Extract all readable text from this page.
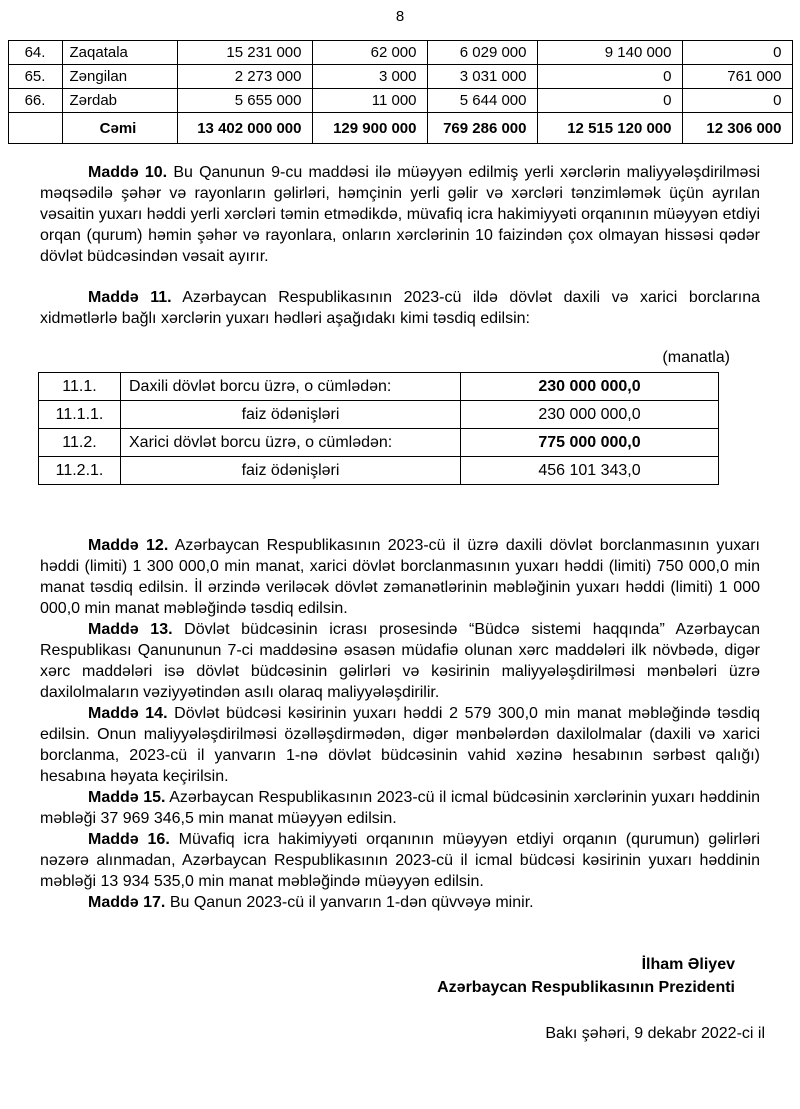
8
64.	Zaqatala	15 231 000	62 000	6 029 000	9 140 000	0
65.	Zəngilan	2 273 000	3 000	3 031 000	0	761 000
66.	Zərdab	5 655 000	11 000	5 644 000	0	0
	Cəmi	13 402 000 000	129 900 000	769 286 000	12 515 120 000	12 306 000

Maddə 10. Bu Qanunun 9-cu maddəsi ilə müəyyən edilmiş yerli xərclərin maliyyələşdirilməsi məqsədilə şəhər və rayonların gəlirləri, həmçinin yerli gəlir və xərcləri tənzimləmək üçün ayrılan vəsaitin yuxarı həddi yerli xərcləri təmin etmədikdə, müvafiq icra hakimiyyəti orqanının müəyyən etdiyi orqan (qurum) həmin şəhər və rayonlara, onların xərclərinin 10 faizindən çox olmayan hissəsi qədər dövlət büdcəsindən vəsait ayırır.

Maddə 11. Azərbaycan Respublikasının 2023-cü ildə dövlət daxili və xarici borclarına xidmətlərlə bağlı xərclərin yuxarı hədləri aşağıdakı kimi təsdiq edilsin:

(manatla)
11.1.	Daxili dövlət borcu üzrə, o cümlədən:	230 000 000,0
11.1.1.	faiz ödənişləri	230 000 000,0
11.2.	Xarici dövlət borcu üzrə, o cümlədən:	775 000 000,0
11.2.1.	faiz ödənişləri	456 101 343,0

Maddə 12. Azərbaycan Respublikasının 2023-cü il üzrə daxili dövlət borclanmasının yuxarı həddi (limiti) 1 300 000,0 min manat, xarici dövlət borclanmasının yuxarı həddi (limiti) 750 000,0 min manat təsdiq edilsin. İl ərzində veriləcək dövlət zəmanətlərinin məbləğinin yuxarı həddi (limiti) 1 000 000,0 min manat məbləğində təsdiq edilsin.

Maddə 13. Dövlət büdcəsinin icrası prosesində “Büdcə sistemi haqqında” Azərbaycan Respublikası Qanununun 7-ci maddəsinə əsasən müdafiə olunan xərc maddələri ilk növbədə, digər xərc maddələri isə dövlət büdcəsinin gəlirləri və kəsirinin maliyyələşdirilməsi mənbələri üzrə daxilolmaların vəziyyətindən asılı olaraq maliyyələşdirilir.

Maddə 14. Dövlət büdcəsi kəsirinin yuxarı həddi 2 579 300,0 min manat məbləğində təsdiq edilsin. Onun maliyyələşdirilməsi özəlləşdirmədən, digər mənbələrdən daxilolmalar (daxili və xarici borclanma, 2023-cü il yanvarın 1-nə dövlət büdcəsinin vahid xəzinə hesabının sərbəst qalığı) hesabına həyata keçirilsin.

Maddə 15. Azərbaycan Respublikasının 2023-cü il icmal büdcəsinin xərclərinin yuxarı həddinin məbləği 37 969 346,5 min manat müəyyən edilsin.

Maddə 16. Müvafiq icra hakimiyyəti orqanının müəyyən etdiyi orqanın (qurumun) gəlirləri nəzərə alınmadan, Azərbaycan Respublikasının 2023-cü il icmal büdcəsi kəsirinin yuxarı həddinin məbləği 13 934 535,0 min manat məbləğində müəyyən edilsin.

Maddə 17. Bu Qanun 2023-cü il yanvarın 1-dən qüvvəyə minir.

İlham Əliyev
Azərbaycan Respublikasının Prezidenti
Bakı şəhəri, 9 dekabr 2022-ci il
